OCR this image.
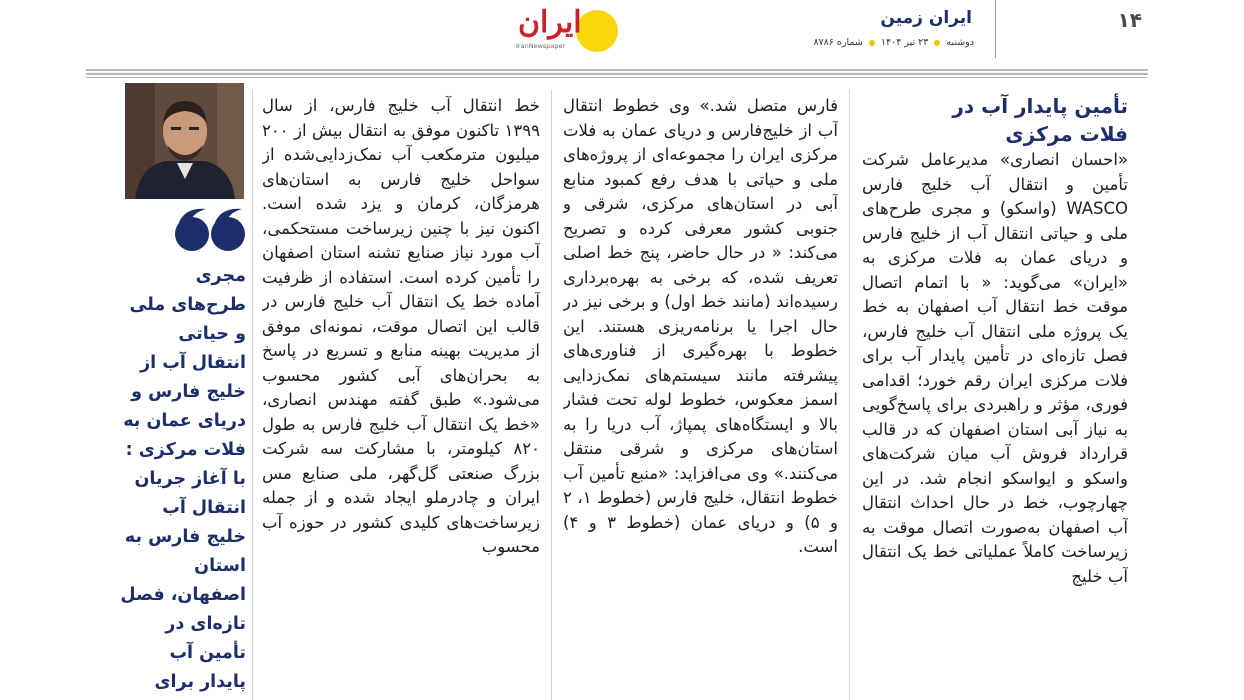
۱۴
ایران زمین
دوشنبه  ۲۳ تیر ۱۴۰۴  شماره ۸۷۸۶
ایران
IranNewspaper
تأمین پایدار آب در فلات مرکزی

«احسان انصاری» مدیرعامل شرکت تأمین و انتقال آب خلیج فارس WASCO (واسکو) و مجری طرح‌های ملی و حیاتی انتقال آب از خلیج فارس و دریای عمان به فلات مرکزی به «ایران» می‌گوید: « با اتمام اتصال موقت خط انتقال آب اصفهان به خط یک پروژه ملی انتقال آب خلیج فارس، فصل تازه‌ای در تأمین پایدار آب برای فلات مرکزی ایران رقم خورد؛ اقدامی فوری، مؤثر و راهبردی برای پاسخ‌گویی به نیاز آبی استان اصفهان که در قالب قرارداد فروش آب میان شرکت‌های واسکو و ایواسکو انجام شد. در این چهارچوب، خط در حال احداث انتقال آب اصفهان به‌صورت اتصال موقت به زیرساخت کاملاً عملیاتی خط یک انتقال آب خلیج

فارس متصل شد.» وی خطوط انتقال آب از خلیج‌فارس و دریای عمان به فلات مرکزی ایران را مجموعه‌ای از پروژه‌های ملی و حیاتی با هدف رفع کمبود منابع آبی در استان‌های مرکزی، شرقی و جنوبی کشور معرفی کرده و تصریح می‌کند: « در حال حاضر، پنج خط اصلی تعریف شده، که برخی به بهره‌برداری رسیده‌اند (مانند خط اول) و برخی نیز در حال اجرا یا برنامه‌ریزی هستند. این خطوط با بهره‌گیری از فناوری‌های پیشرفته مانند سیستم‌های نمک‌زدایی اسمز معکوس، خطوط لوله تحت فشار بالا و ایستگاه‌های پمپاژ، آب دریا را به استان‌های مرکزی و شرقی منتقل می‌کنند.» وی می‌افزاید: «منبع تأمین آب خطوط انتقال، خلیج فارس (خطوط ۱، ۲ و ۵) و دریای عمان (خطوط ۳ و ۴) است.

خط انتقال آب خلیج فارس، از سال ۱۳۹۹ تاکنون موفق به انتقال بیش از ۲۰۰ میلیون مترمکعب آب نمک‌زدایی‌شده از سواحل خلیج فارس به استان‌های هرمزگان، کرمان و یزد شده است. اکنون نیز با چنین زیرساخت مستحکمی، آب مورد نیاز صنایع تشنه استان اصفهان را تأمین کرده است. استفاده از ظرفیت آماده خط یک انتقال آب خلیج فارس در قالب این اتصال موقت، نمونه‌ای موفق از مدیریت بهینه منابع و تسریع در پاسخ به بحران‌های آبی کشور محسوب می‌شود.» طبق گفته مهندس انصاری، «خط یک انتقال آب خلیج فارس به طول ۸۲۰ کیلومتر، با مشارکت سه شرکت بزرگ صنعتی گل‌گهر، ملی صنایع مس ایران و چادرملو ایجاد شده و از جمله زیرساخت‌های کلیدی کشور در حوزه آب محسوب

مجری طرح‌های ملی و حیاتی انتقال آب از خلیج فارس و دریای عمان به فلات مرکزی : با آغاز جریان انتقال آب خلیج فارس به استان اصفهان، فصل تازه‌ای در تأمین آب پایدار برای
